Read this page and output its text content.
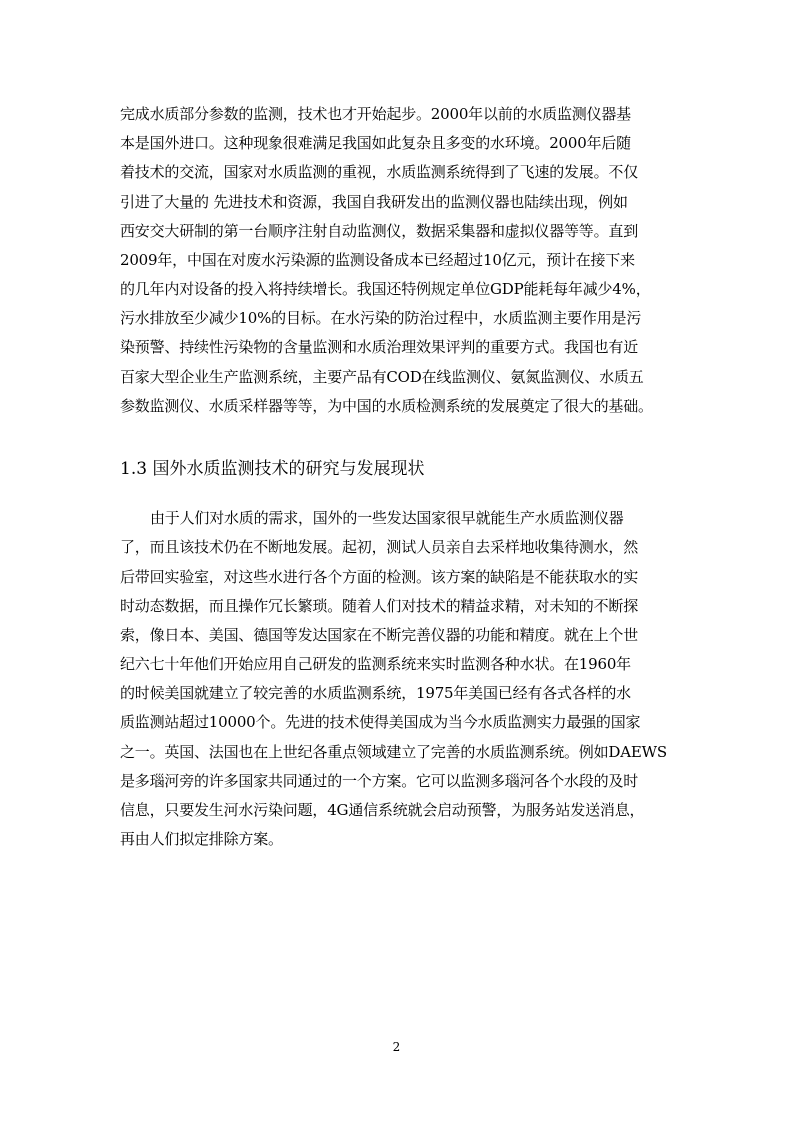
完成水质部分参数的监测，技术也才开始起步。2000年以前的水质监测仪器基
本是国外进口。这种现象很难满足我国如此复杂且多变的水环境。2000年后随
着技术的交流，国家对水质监测的重视，水质监测系统得到了飞速的发展。不仅
引进了大量的 先进技术和资源，我国自我研发出的监测仪器也陆续出现，例如
西安交大研制的第一台顺序注射自动监测仪，数据采集器和虚拟仪器等等。直到
2009年，中国在对废水污染源的监测设备成本已经超过10亿元，预计在接下来
的几年内对设备的投入将持续增长。我国还特例规定单位GDP能耗每年减少4%，
污水排放至少减少10%的目标。在水污染的防治过程中，水质监测主要作用是污
染预警、持续性污染物的含量监测和水质治理效果评判的重要方式。我国也有近
百家大型企业生产监测系统，主要产品有COD在线监测仪、氨氮监测仪、水质五
参数监测仪、水质采样器等等，为中国的水质检测系统的发展奠定了很大的基础。
1.3 国外水质监测技术的研究与发展现状
由于人们对水质的需求，国外的一些发达国家很早就能生产水质监测仪器
了，而且该技术仍在不断地发展。起初，测试人员亲自去采样地收集待测水，然
后带回实验室，对这些水进行各个方面的检测。该方案的缺陷是不能获取水的实
时动态数据，而且操作冗长繁琐。随着人们对技术的精益求精，对未知的不断探
索，像日本、美国、德国等发达国家在不断完善仪器的功能和精度。就在上个世
纪六七十年他们开始应用自己研发的监测系统来实时监测各种水状。在1960年
的时候美国就建立了较完善的水质监测系统，1975年美国已经有各式各样的水
质监测站超过10000个。先进的技术使得美国成为当今水质监测实力最强的国家
之一。英国、法国也在上世纪各重点领域建立了完善的水质监测系统。例如DAEWS
是多瑙河旁的许多国家共同通过的一个方案。它可以监测多瑙河各个水段的及时
信息，只要发生河水污染问题，4G通信系统就会启动预警，为服务站发送消息，
再由人们拟定排除方案。
2
